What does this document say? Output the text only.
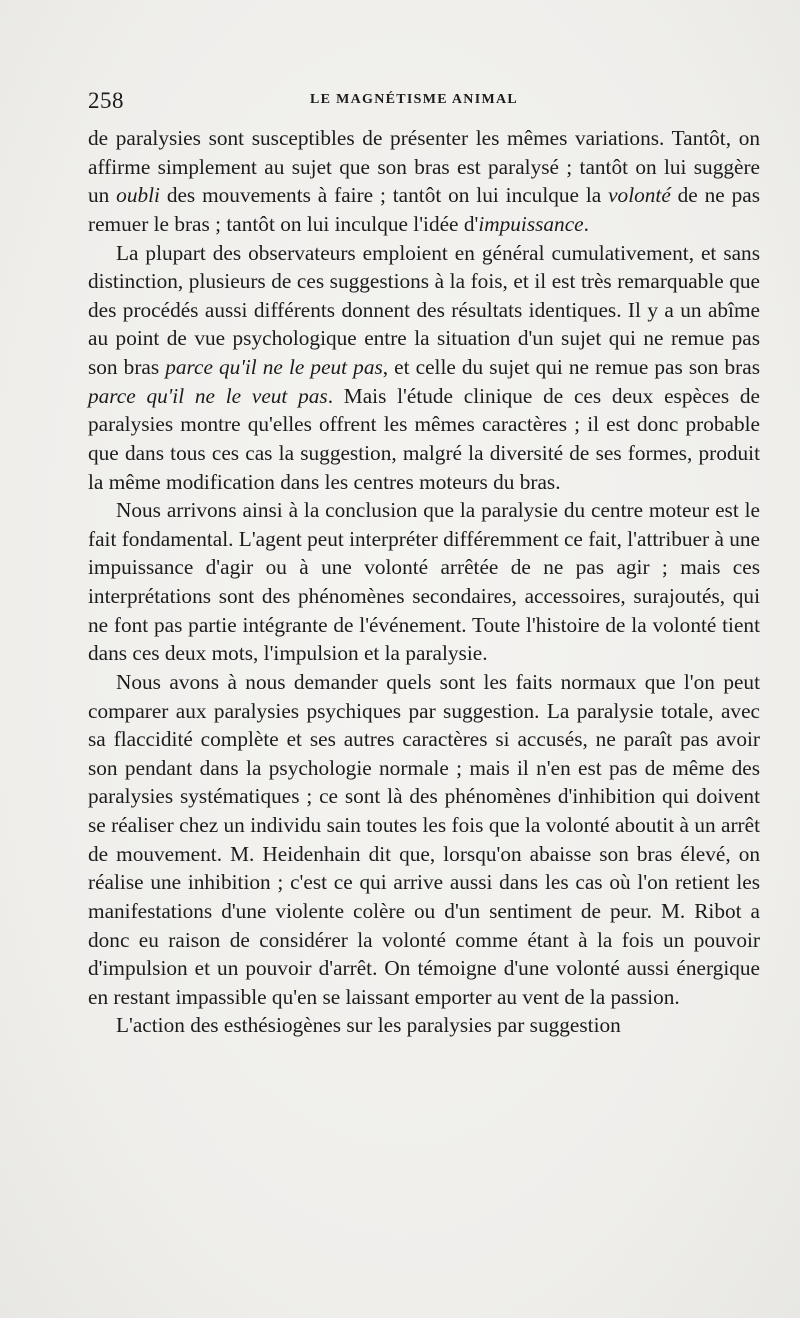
258	LE MAGNÉTISME ANIMAL

de paralysies sont susceptibles de présenter les mêmes variations. Tantôt, on affirme simplement au sujet que son bras est paralysé ; tantôt on lui suggère un oubli des mouvements à faire ; tantôt on lui inculque la volonté de ne pas remuer le bras ; tantôt on lui inculque l'idée d'impuissance.

La plupart des observateurs emploient en général cumulativement, et sans distinction, plusieurs de ces suggestions à la fois, et il est très remarquable que des procédés aussi différents donnent des résultats identiques. Il y a un abîme au point de vue psychologique entre la situation d'un sujet qui ne remue pas son bras parce qu'il ne le peut pas, et celle du sujet qui ne remue pas son bras parce qu'il ne le veut pas. Mais l'étude clinique de ces deux espèces de paralysies montre qu'elles offrent les mêmes caractères ; il est donc probable que dans tous ces cas la suggestion, malgré la diversité de ses formes, produit la même modification dans les centres moteurs du bras.

Nous arrivons ainsi à la conclusion que la paralysie du centre moteur est le fait fondamental. L'agent peut interpréter différemment ce fait, l'attribuer à une impuissance d'agir ou à une volonté arrêtée de ne pas agir ; mais ces interprétations sont des phénomènes secondaires, accessoires, surajoutés, qui ne font pas partie intégrante de l'événement. Toute l'histoire de la volonté tient dans ces deux mots, l'impulsion et la paralysie.

Nous avons à nous demander quels sont les faits normaux que l'on peut comparer aux paralysies psychiques par suggestion. La paralysie totale, avec sa flaccidité complète et ses autres caractères si accusés, ne paraît pas avoir son pendant dans la psychologie normale ; mais il n'en est pas de même des paralysies systématiques ; ce sont là des phénomènes d'inhibition qui doivent se réaliser chez un individu sain toutes les fois que la volonté aboutit à un arrêt de mouvement. M. Heidenhain dit que, lorsqu'on abaisse son bras élevé, on réalise une inhibition ; c'est ce qui arrive aussi dans les cas où l'on retient les manifestations d'une violente colère ou d'un sentiment de peur. M. Ribot a donc eu raison de considérer la volonté comme étant à la fois un pouvoir d'impulsion et un pouvoir d'arrêt. On témoigne d'une volonté aussi énergique en restant impassible qu'en se laissant emporter au vent de la passion.

L'action des esthésiogènes sur les paralysies par suggestion
